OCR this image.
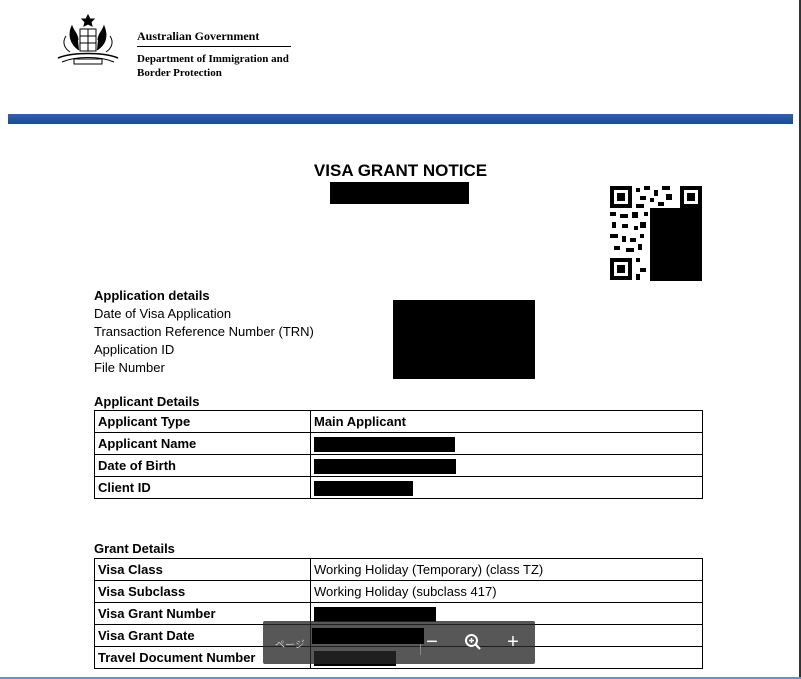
Australian Government
Department of Immigration and Border Protection
VISA GRANT NOTICE
Application details
Date of Visa Application
Transaction Reference Number (TRN)
Application ID
File Number
Applicant Details
Applicant Type	Main Applicant
Applicant Name	
Date of Birth	
Client ID	
Grant Details
Visa Class	Working Holiday (Temporary) (class TZ)
Visa Subclass	Working Holiday (subclass 417)
Visa Grant Number	
Visa Grant Date	
Travel Document Number	
ページ	−	+
